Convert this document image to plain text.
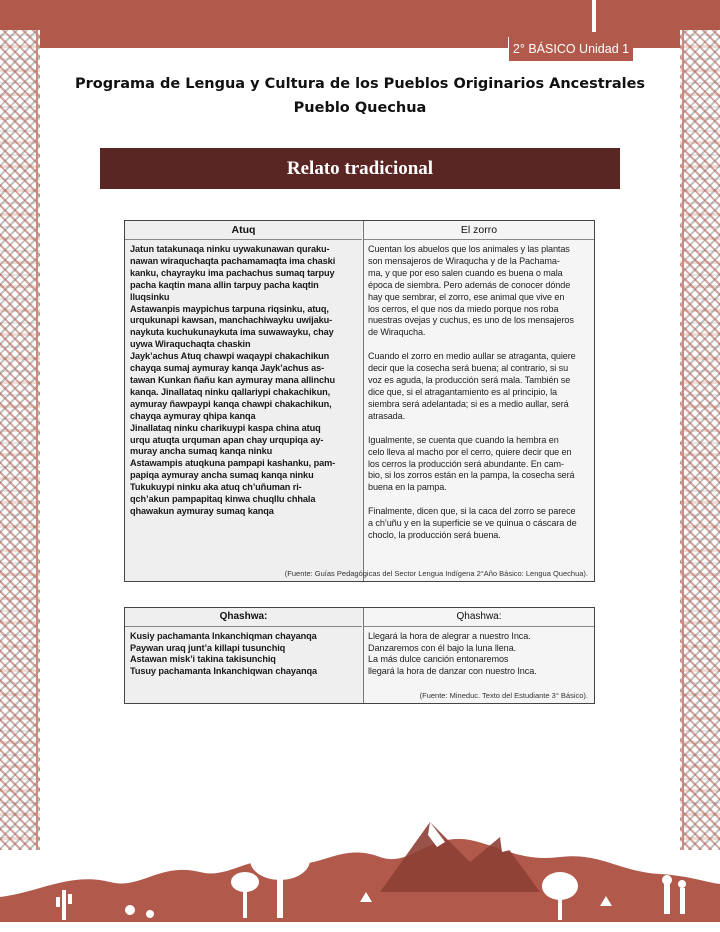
2° BÁSICO Unidad 1
Programa de Lengua y Cultura de los Pueblos Originarios Ancestrales
Pueblo Quechua
Relato tradicional
Atuq
Jatun tatakunaqa ninku uywakunawan quraku-
nawan wiraquchaqta pachamamaqta ima chaski
kanku, chayrayku ima pachachus sumaq tarpuy
pacha kaqtin mana allin tarpuy pacha kaqtin
lluqsinku
Astawanpis maypichus tarpuna riqsinku, atuq,
urqukunapi kawsan, manchachiwayku uwijaku-
naykuta kuchukunaykuta ima suwawayku, chay
uywa Wiraquchaqta chaskin
Jayk’achus Atuq chawpi waqaypi chakachikun
chayqa sumaj aymuray kanqa Jayk’achus as-
tawan Kunkan ñañu kan aymuray mana allinchu
kanqa. Jinallataq ninku qallariypi chakachikun,
aymuray ñawpaypi kanqa chawpi chakachikun,
chayqa aymuray qhipa kanqa
Jinallataq ninku charikuypi kaspa china atuq
urqu atuqta urquman apan chay urqupiqa ay-
muray ancha sumaq kanqa ninku
Astawampis atuqkuna pampapi kashanku, pam-
papiqa aymuray ancha sumaq kanqa ninku
Tukukuypi ninku aka atuq ch’uñuman ri-
qch’akun pampapitaq kinwa chuqllu chhala
qhawakun aymuray sumaq kanqa
El zorro
Cuentan los abuelos que los animales y las plantas
son mensajeros de Wiraqucha y de la Pachama-
ma, y que por eso salen cuando es buena o mala
época de siembra. Pero además de conocer dónde
hay que sembrar, el zorro, ese animal que vive en
los cerros, el que nos da miedo porque nos roba
nuestras ovejas y cuchus, es uno de los mensajeros
de Wiraqucha.
Cuando el zorro en medio aullar se atraganta, quiere
decir que la cosecha será buena; al contrario, si su
voz es aguda, la producción será mala. También se
dice que, si el atragantamiento es al principio, la
siembra será adelantada; si es a medio aullar, será
atrasada.
Igualmente, se cuenta que cuando la hembra en
celo lleva al macho por el cerro, quiere decir que en
los cerros la producción será abundante. En cam-
bio, si los zorros están en la pampa, la cosecha será
buena en la pampa.
Finalmente, dicen que, si la caca del zorro se parece
a ch’uñu y en la superficie se ve quinua o cáscara de
choclo, la producción será buena.
(Fuente: Guías Pedagógicas del Sector Lengua Indígena 2°Año Básico: Lengua Quechua).
Qhashwa:
Kusiy pachamanta Inkanchiqman chayanqa
Paywan uraq junt’a killapi tusunchiq
Astawan misk’i takina takisunchiq
Tusuy pachamanta Inkanchiqwan chayanqa
Qhashwa:
Llegará la hora de alegrar a nuestro Inca.
Danzaremos con él bajo la luna llena.
La más dulce canción entonaremos
llegará la hora de danzar con nuestro Inca.
(Fuente: Mineduc. Texto del Estudiante 3° Básico).
